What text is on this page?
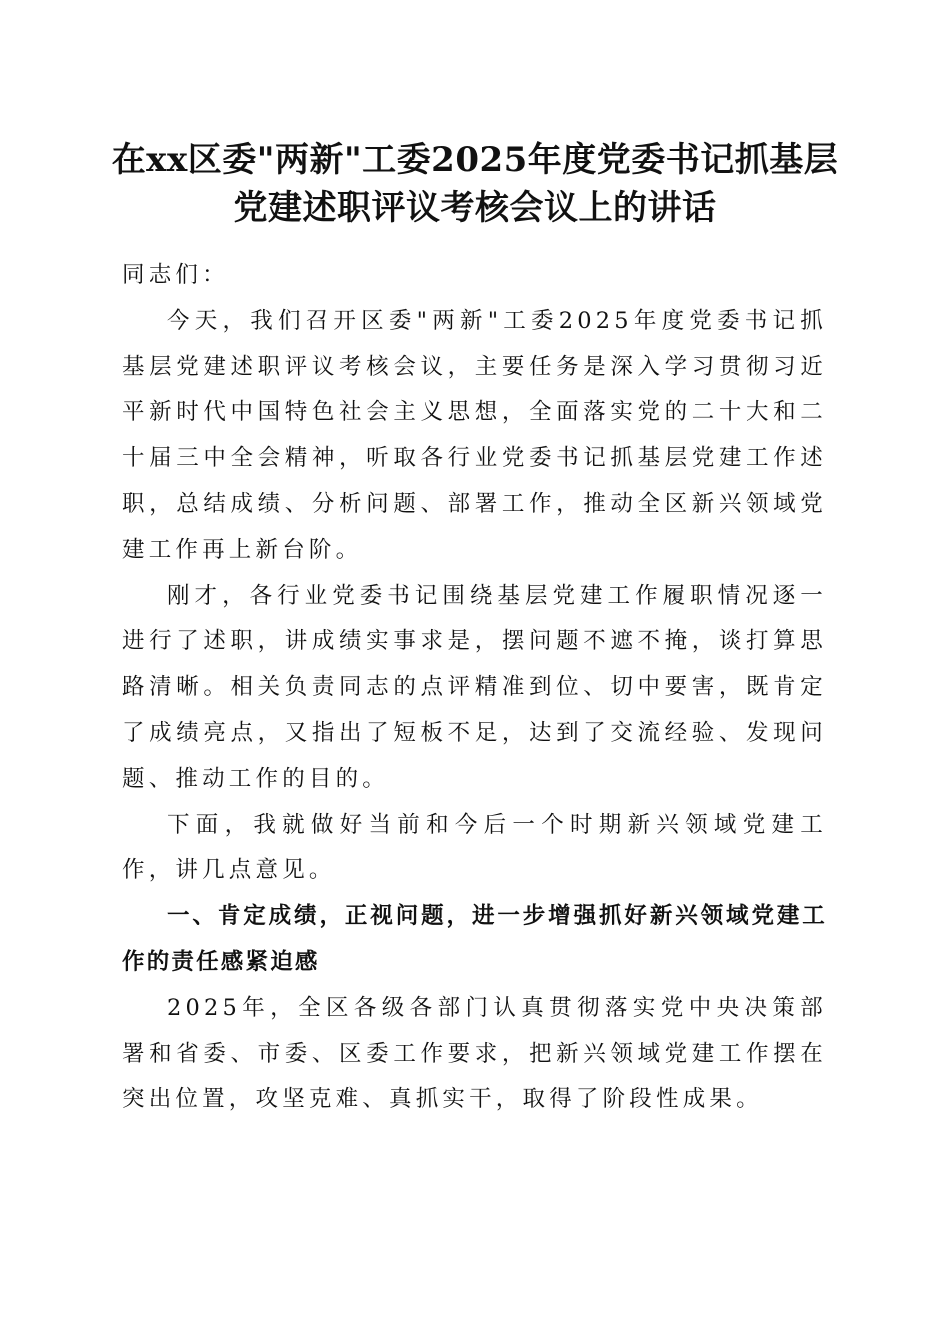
在xx区委"两新"工委2025年度党委书记抓基层党建述职评议考核会议上的讲话

同志们：

今天，我们召开区委"两新"工委2025年度党委书记抓基层党建述职评议考核会议，主要任务是深入学习贯彻习近平新时代中国特色社会主义思想，全面落实党的二十大和二十届三中全会精神，听取各行业党委书记抓基层党建工作述职，总结成绩、分析问题、部署工作，推动全区新兴领域党建工作再上新台阶。

刚才，各行业党委书记围绕基层党建工作履职情况逐一进行了述职，讲成绩实事求是，摆问题不遮不掩，谈打算思路清晰。相关负责同志的点评精准到位、切中要害，既肯定了成绩亮点，又指出了短板不足，达到了交流经验、发现问题、推动工作的目的。

下面，我就做好当前和今后一个时期新兴领域党建工作，讲几点意见。

一、肯定成绩，正视问题，进一步增强抓好新兴领域党建工作的责任感紧迫感

2025年，全区各级各部门认真贯彻落实党中央决策部署和省委、市委、区委工作要求，把新兴领域党建工作摆在突出位置，攻坚克难、真抓实干，取得了阶段性成果。
